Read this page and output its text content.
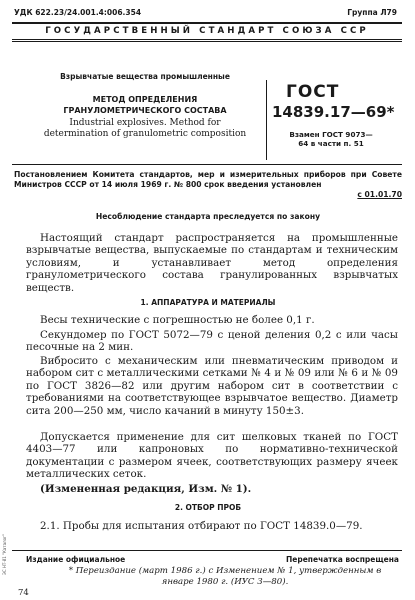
УДК 622.23/24.001.4:006.354	Группа Л79
ГОСУДАРСТВЕННЫЙ СТАНДАРТ СОЮЗА ССР
Взрывчатые вещества промышленные
МЕТОД ОПРЕДЕЛЕНИЯ ГРАНУЛОМЕТРИЧЕСКОГО СОСТАВА
Industrial explosives. Method for determination of granulometric composition
ГОСТ
14839.17—69*
Взамен ГОСТ 9073—64 в части п. 51
Постановлением Комитета стандартов, мер и измерительных приборов при Совете Министров СССР от 14 июля 1969 г. № 800 срок введения установлен
с 01.01.70
Несоблюдение стандарта преследуется по закону
Настоящий стандарт распространяется на промышленные взрывчатые вещества, выпускаемые по стандартам и техническим условиям, и устанавливает метод определения гранулометрического состава гранулированных взрывчатых веществ.
1. АППАРАТУРА И МАТЕРИАЛЫ
Весы технические с погрешностью не более 0,1 г.
Секундомер по ГОСТ 5072—79 с ценой деления 0,2 с или часы песочные на 2 мин.
Вибросито с механическим или пневматическим приводом и набором сит с металлическими сетками № 4 и № 09 или № 6 и № 09 по ГОСТ 3826—82 или другим набором сит в соответствии с требованиями на соответствующее взрывчатое вещество. Диаметр сита 200—250 мм, число качаний в минуту 150±3.
Допускается применение для сит шелковых тканей по ГОСТ 4403—77 или капроновых по нормативно-технической документации с размером ячеек, соответствующих размеру ячеек металлических сеток.
(Измененная редакция, Изм. № 1).
2. ОТБОР ПРОБ
2.1. Пробы для испытания отбирают по ГОСТ 14839.0—79.
Издание официальное	Перепечатка воспрещена
* Переиздание (март 1986 г.) с Изменением № 1, утвержденным в январе 1980 г. (ИУС 3—80).
74
ЭС НТ-81 "Каталог"
